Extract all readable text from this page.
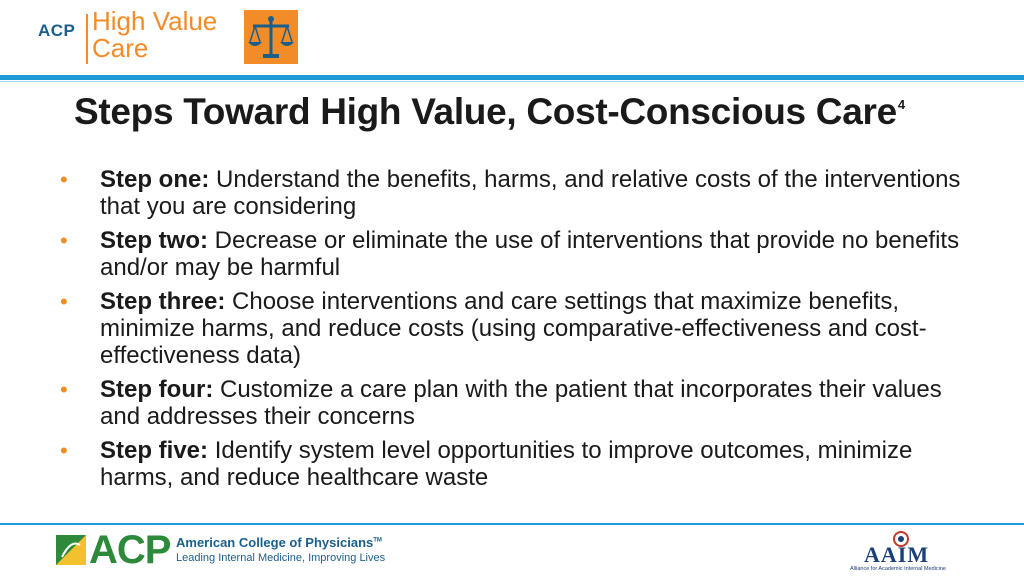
ACP High Value
Care
Steps Toward High Value, Cost-Conscious Care$^4$
• Step one: Understand the benefits, harms, and relative costs of the interventions that you are considering
• Step two: Decrease or eliminate the use of interventions that provide no benefits and/or may be harmful
• Step three: Choose interventions and care settings that maximize benefits, minimize harms, and reduce costs (using comparative-effectiveness and cost-effectiveness data)
• Step four: Customize a care plan with the patient that incorporates their values and addresses their concerns
• Step five: Identify system level opportunities to improve outcomes, minimize harms, and reduce healthcare waste
ACP American College of Physicians™
Leading Internal Medicine, Improving Lives	AAIM
Alliance for Academic Internal Medicine
